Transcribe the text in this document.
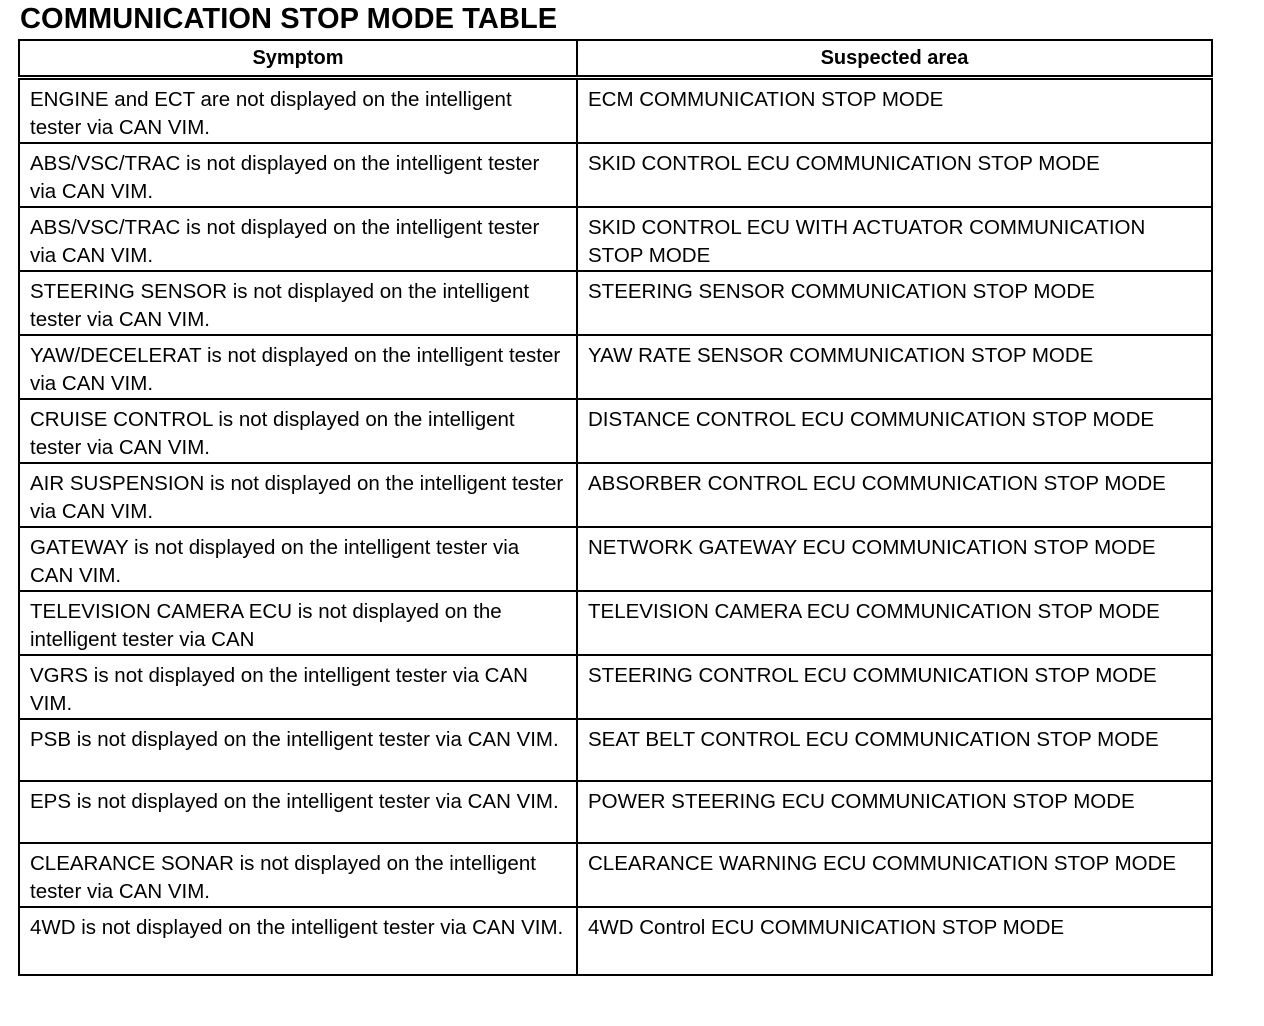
COMMUNICATION STOP MODE TABLE
Symptom	Suspected area
ENGINE and ECT are not displayed on the intelligent tester via CAN VIM.	ECM COMMUNICATION STOP MODE
ABS/VSC/TRAC is not displayed on the intelligent tester via CAN VIM.	SKID CONTROL ECU COMMUNICATION STOP MODE
ABS/VSC/TRAC is not displayed on the intelligent tester via CAN VIM.	SKID CONTROL ECU WITH ACTUATOR COMMUNICATION STOP MODE
STEERING SENSOR is not displayed on the intelligent tester via CAN VIM.	STEERING SENSOR COMMUNICATION STOP MODE
YAW/DECELERAT is not displayed on the intelligent tester via CAN VIM.	YAW RATE SENSOR COMMUNICATION STOP MODE
CRUISE CONTROL is not displayed on the intelligent tester via CAN VIM.	DISTANCE CONTROL ECU COMMUNICATION STOP MODE
AIR SUSPENSION is not displayed on the intelligent tester via CAN VIM.	ABSORBER CONTROL ECU COMMUNICATION STOP MODE
GATEWAY is not displayed on the intelligent tester via CAN VIM.	NETWORK GATEWAY ECU COMMUNICATION STOP MODE
TELEVISION CAMERA ECU is not displayed on the intelligent tester via CAN	TELEVISION CAMERA ECU COMMUNICATION STOP MODE
VGRS is not displayed on the intelligent tester via CAN VIM.	STEERING CONTROL ECU COMMUNICATION STOP MODE
PSB is not displayed on the intelligent tester via CAN VIM.	SEAT BELT CONTROL ECU COMMUNICATION STOP MODE
EPS is not displayed on the intelligent tester via CAN VIM.	POWER STEERING ECU COMMUNICATION STOP MODE
CLEARANCE SONAR is not displayed on the intelligent tester via CAN VIM.	CLEARANCE WARNING ECU COMMUNICATION STOP MODE
4WD is not displayed on the intelligent tester via CAN VIM.	4WD Control ECU COMMUNICATION STOP MODE
